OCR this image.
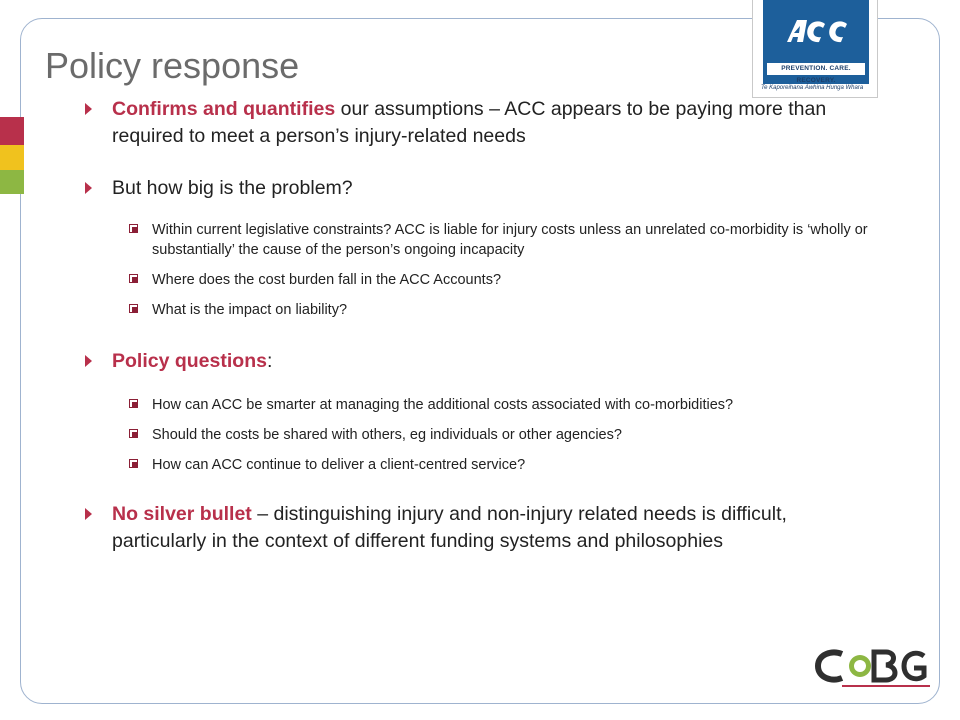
Policy response	PREVENTION. CARE. RECOVERY.
Te Kaporeihana Āwhina Hunga Whara
Confirms and quantifies our assumptions – ACC appears to be paying more than required to meet a person’s injury-related needs
But how big is the problem?
Within current legislative constraints? ACC is liable for injury costs unless an unrelated co-morbidity is ‘wholly or substantially’ the cause of the person’s ongoing incapacity
Where does the cost burden fall in the ACC Accounts?
What is the impact on liability?
Policy questions:
How can ACC be smarter at managing the additional costs associated with co-morbidities?
Should the costs be shared with others, eg individuals or other agencies?
How can ACC continue to deliver a client-centred service?
No silver bullet – distinguishing injury and non-injury related needs is difficult, particularly in the context of different funding systems and philosophies
